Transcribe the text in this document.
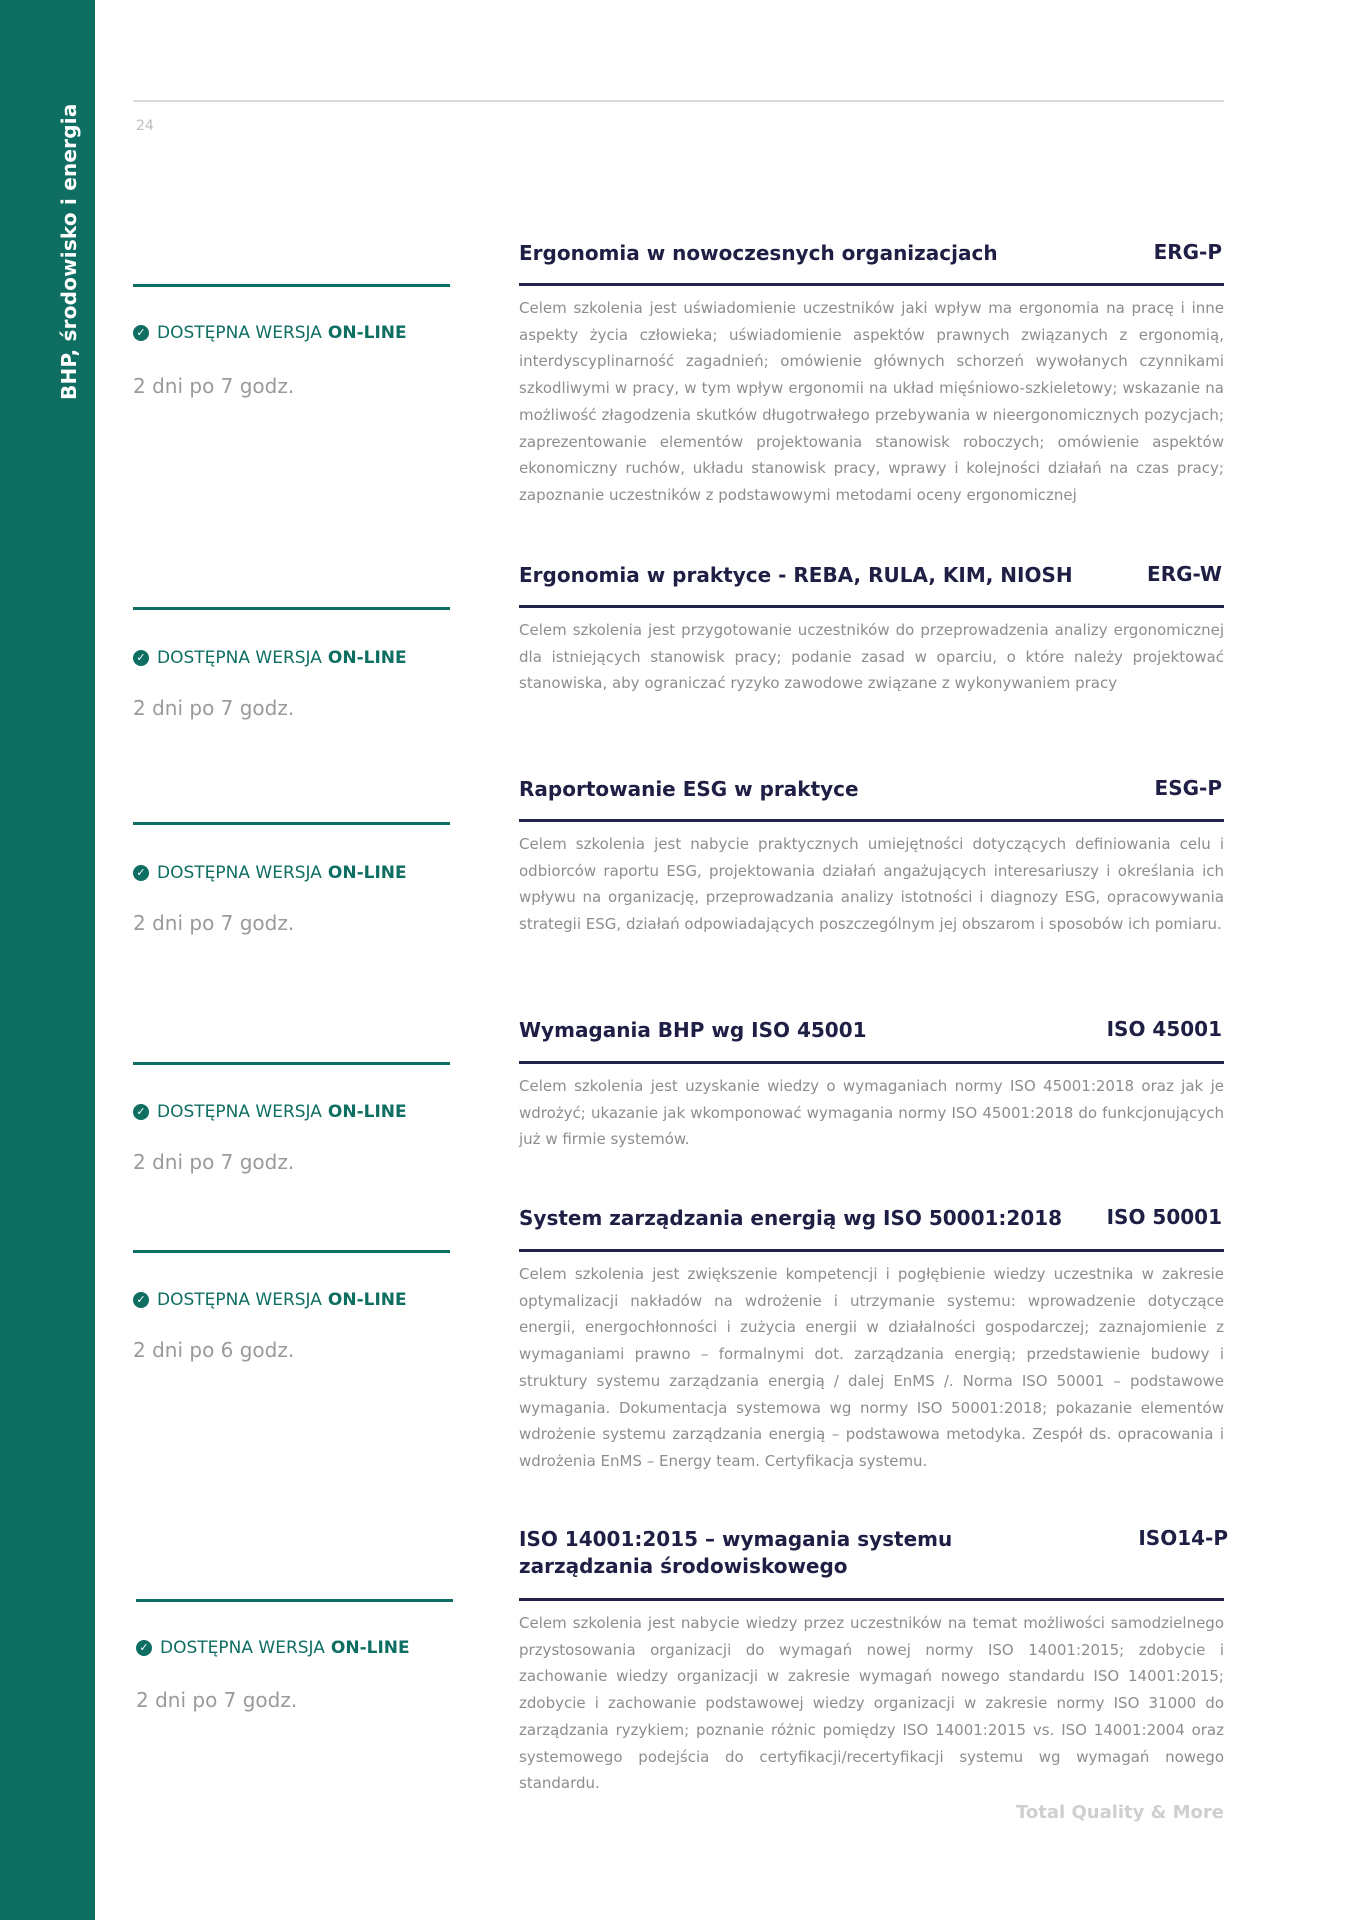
BHP, środowisko i energia	24
Ergonomia w nowoczesnych organizacjach	ERG-P
✓ DOSTĘPNA WERSJA ON-LINE
2 dni po 7 godz.
Celem szkolenia jest uświadomienie uczestników jaki wpływ ma ergonomia na pracę i inne aspekty życia człowieka; uświadomienie aspektów prawnych związanych z ergonomią, interdyscyplinarność zagadnień; omówienie głównych schorzeń wywołanych czynnikami szkodliwymi w pracy, w tym wpływ ergonomii na układ mięśniowo-szkieletowy; wskazanie na możliwość złagodzenia skutków długotrwałego przebywania w nieergonomicznych pozycjach; zaprezentowanie elementów projektowania stanowisk roboczych; omówienie aspektów ekonomiczny ruchów, układu stanowisk pracy, wprawy i kolejności działań na czas pracy; zapoznanie uczestników z podstawowymi metodami oceny ergonomicznej
Ergonomia w praktyce - REBA, RULA, KIM, NIOSH	ERG-W
✓ DOSTĘPNA WERSJA ON-LINE
2 dni po 7 godz.
Celem szkolenia jest przygotowanie uczestników do przeprowadzenia analizy ergonomicznej dla istniejących stanowisk pracy; podanie zasad w oparciu, o które należy projektować stanowiska, aby ograniczać ryzyko zawodowe związane z wykonywaniem pracy
Raportowanie ESG w praktyce	ESG-P
✓ DOSTĘPNA WERSJA ON-LINE
2 dni po 7 godz.
Celem szkolenia jest nabycie praktycznych umiejętności dotyczących definiowania celu i odbiorców raportu ESG, projektowania działań angażujących interesariuszy i określania ich wpływu na organizację, przeprowadzania analizy istotności i diagnozy ESG, opracowywania strategii ESG, działań odpowiadających poszczególnym jej obszarom i sposobów ich pomiaru.
Wymagania BHP wg ISO 45001	ISO 45001
✓ DOSTĘPNA WERSJA ON-LINE
2 dni po 7 godz.
Celem szkolenia jest uzyskanie wiedzy o wymaganiach normy ISO 45001:2018 oraz jak je wdrożyć; ukazanie jak wkomponować wymagania normy ISO 45001:2018 do funkcjonujących już w firmie systemów.
System zarządzania energią wg ISO 50001:2018	ISO 50001
✓ DOSTĘPNA WERSJA ON-LINE
2 dni po 6 godz.
Celem szkolenia jest zwiększenie kompetencji i pogłębienie wiedzy uczestnika w zakresie optymalizacji nakładów na wdrożenie i utrzymanie systemu: wprowadzenie dotyczące energii, energochłonności i zużycia energii w działalności gospodarczej; zaznajomienie z wymaganiami prawno – formalnymi dot. zarządzania energią; przedstawienie budowy i struktury systemu zarządzania energią / dalej EnMS /. Norma ISO 50001 – podstawowe wymagania. Dokumentacja systemowa wg normy ISO 50001:2018; pokazanie elementów wdrożenie systemu zarządzania energią – podstawowa metodyka. Zespół ds. opracowania i wdrożenia EnMS – Energy team. Certyfikacja systemu.
ISO 14001:2015 – wymagania systemu zarządzania środowiskowego
ISO14-P
✓ DOSTĘPNA WERSJA ON-LINE
2 dni po 7 godz.
Celem szkolenia jest nabycie wiedzy przez uczestników na temat możliwości samodzielnego przystosowania organizacji do wymagań nowej normy ISO 14001:2015; zdobycie i zachowanie wiedzy organizacji w zakresie wymagań nowego standardu ISO 14001:2015; zdobycie i zachowanie podstawowej wiedzy organizacji w zakresie normy ISO 31000 do zarządzania ryzykiem; poznanie różnic pomiędzy ISO 14001:2015 vs. ISO 14001:2004 oraz systemowego podejścia do certyfikacji/recertyfikacji systemu wg wymagań nowego standardu.
Total Quality & More
